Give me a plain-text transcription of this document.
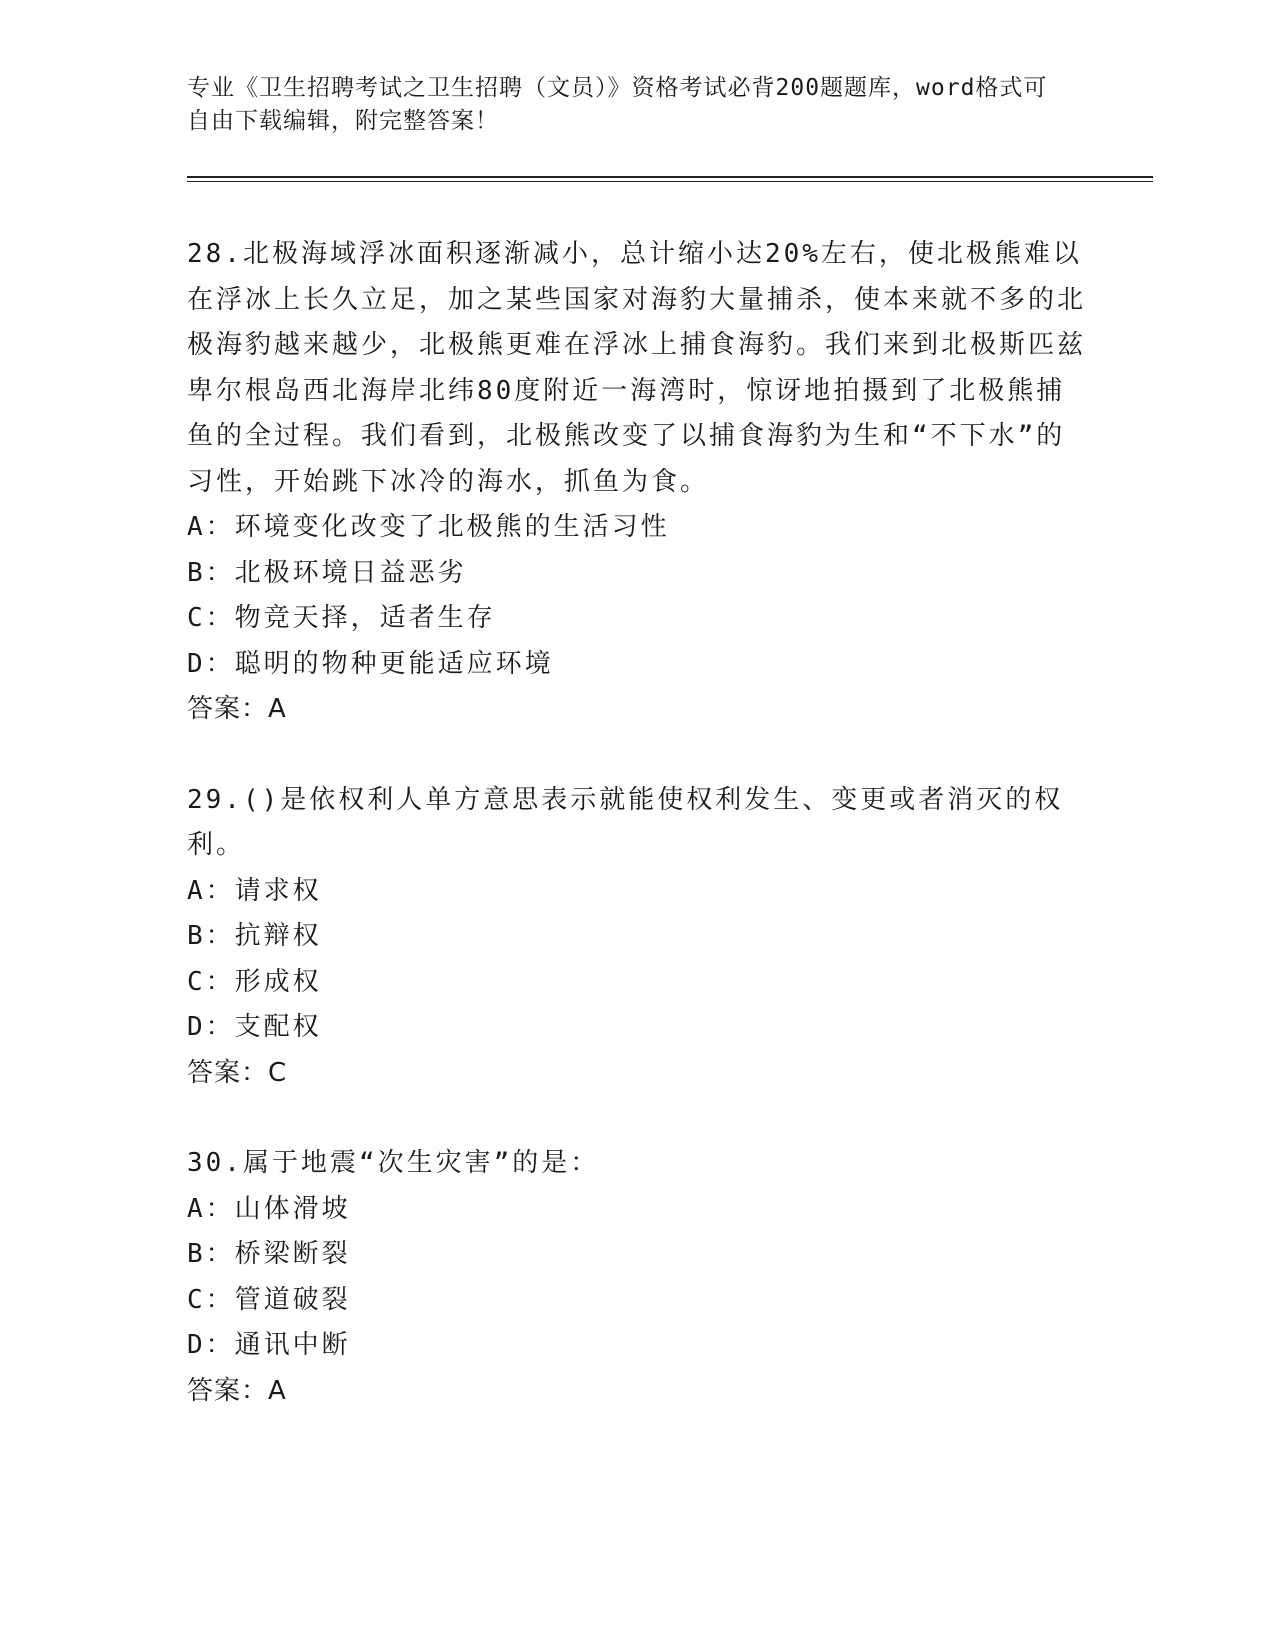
专业《卫生招聘考试之卫生招聘（文员）》资格考试必背200题题库，word格式可自由下载编辑，附完整答案！

28.北极海域浮冰面积逐渐减小，总计缩小达20%左右，使北极熊难以在浮冰上长久立足，加之某些国家对海豹大量捕杀，使本来就不多的北极海豹越来越少，北极熊更难在浮冰上捕食海豹。我们来到北极斯匹兹卑尔根岛西北海岸北纬80度附近一海湾时，惊讶地拍摄到了北极熊捕鱼的全过程。我们看到，北极熊改变了以捕食海豹为生和“不下水”的习性，开始跳下冰冷的海水，抓鱼为食。

A：环境变化改变了北极熊的生活习性

B：北极环境日益恶劣

C：物竞天择，适者生存

D：聪明的物种更能适应环境

答案：A

29.()是依权利人单方意思表示就能使权利发生、变更或者消灭的权利。

A：请求权

B：抗辩权

C：形成权

D：支配权

答案：C

30.属于地震“次生灾害”的是：

A：山体滑坡

B：桥梁断裂

C：管道破裂

D：通讯中断

答案：A
